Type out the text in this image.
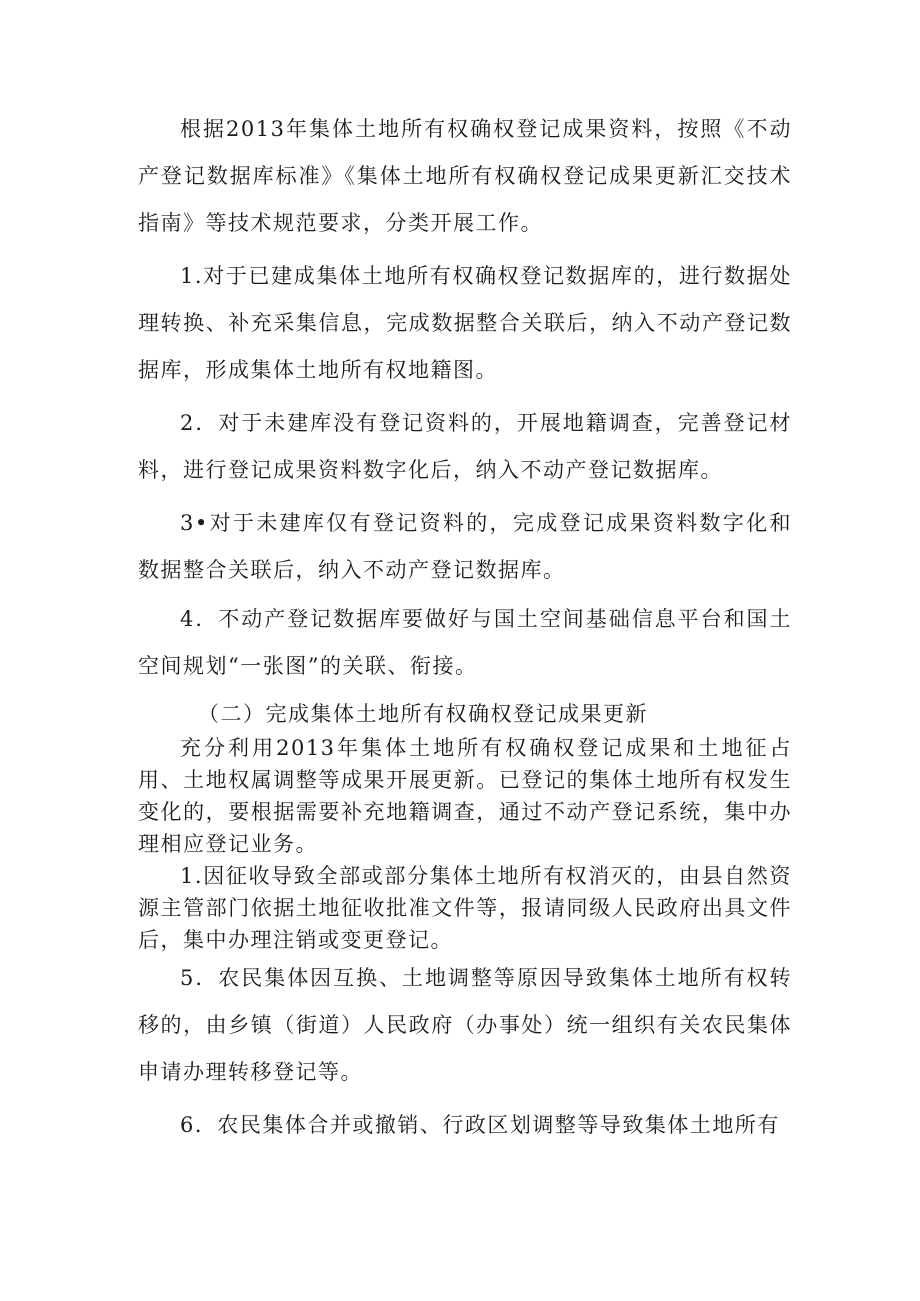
根据2013年集体土地所有权确权登记成果资料，按照《不动产登记数据库标准》《集体土地所有权确权登记成果更新汇交技术指南》等技术规范要求，分类开展工作。

1.对于已建成集体土地所有权确权登记数据库的，进行数据处理转换、补充采集信息，完成数据整合关联后，纳入不动产登记数据库，形成集体土地所有权地籍图。

2．对于未建库没有登记资料的，开展地籍调查，完善登记材料，进行登记成果资料数字化后，纳入不动产登记数据库。

3•对于未建库仅有登记资料的，完成登记成果资料数字化和数据整合关联后，纳入不动产登记数据库。

4．不动产登记数据库要做好与国土空间基础信息平台和国土空间规划“一张图”的关联、衔接。

（二）完成集体土地所有权确权登记成果更新

充分利用2013年集体土地所有权确权登记成果和土地征占用、土地权属调整等成果开展更新。已登记的集体土地所有权发生变化的，要根据需要补充地籍调查，通过不动产登记系统，集中办理相应登记业务。

1.因征收导致全部或部分集体土地所有权消灭的，由县自然资源主管部门依据土地征收批准文件等，报请同级人民政府出具文件后，集中办理注销或变更登记。

5．农民集体因互换、土地调整等原因导致集体土地所有权转移的，由乡镇（街道）人民政府（办事处）统一组织有关农民集体申请办理转移登记等。

6．农民集体合并或撤销、行政区划调整等导致集体土地所有
